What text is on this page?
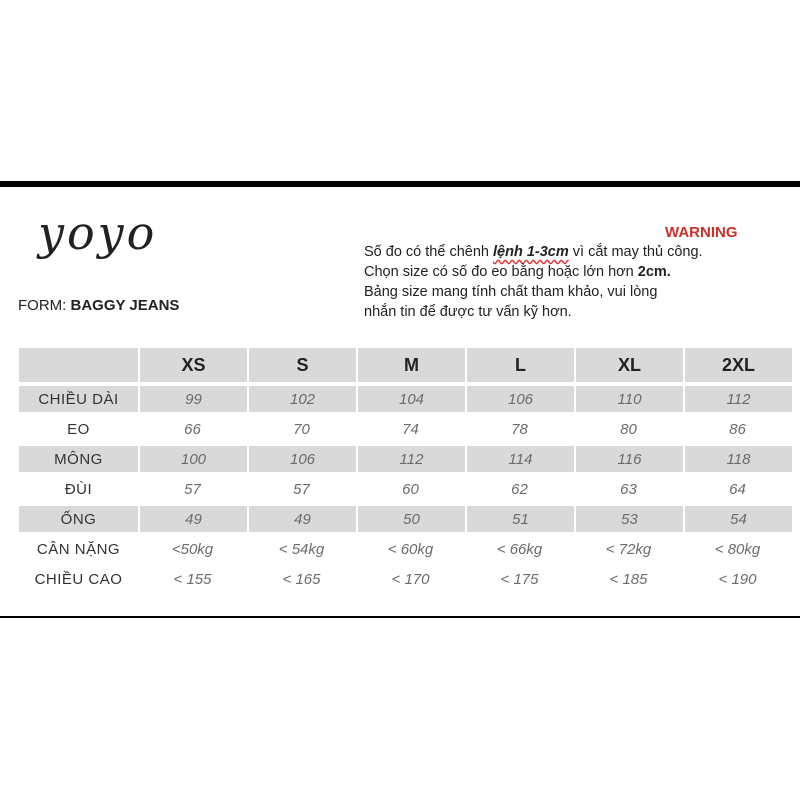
yoyo
FORM: BAGGY JEANS
WARNING
Số đo có thể chênh lệnh 1-3cm vì cắt may thủ công.
Chọn size có số đo eo bằng hoặc lớn hơn 2cm.
Bảng size mang tính chất tham khảo, vui lòng
nhắn tin để được tư vấn kỹ hơn.
	XS	S	M	L	XL	2XL
CHIỀU DÀI	99	102	104	106	110	112
EO	66	70	74	78	80	86
MÔNG	100	106	112	114	116	118
ĐÙI	57	57	60	62	63	64
ỐNG	49	49	50	51	53	54
CÂN NẶNG	<50kg	< 54kg	< 60kg	< 66kg	< 72kg	< 80kg
CHIỀU CAO	< 155	< 165	< 170	< 175	< 185	< 190
